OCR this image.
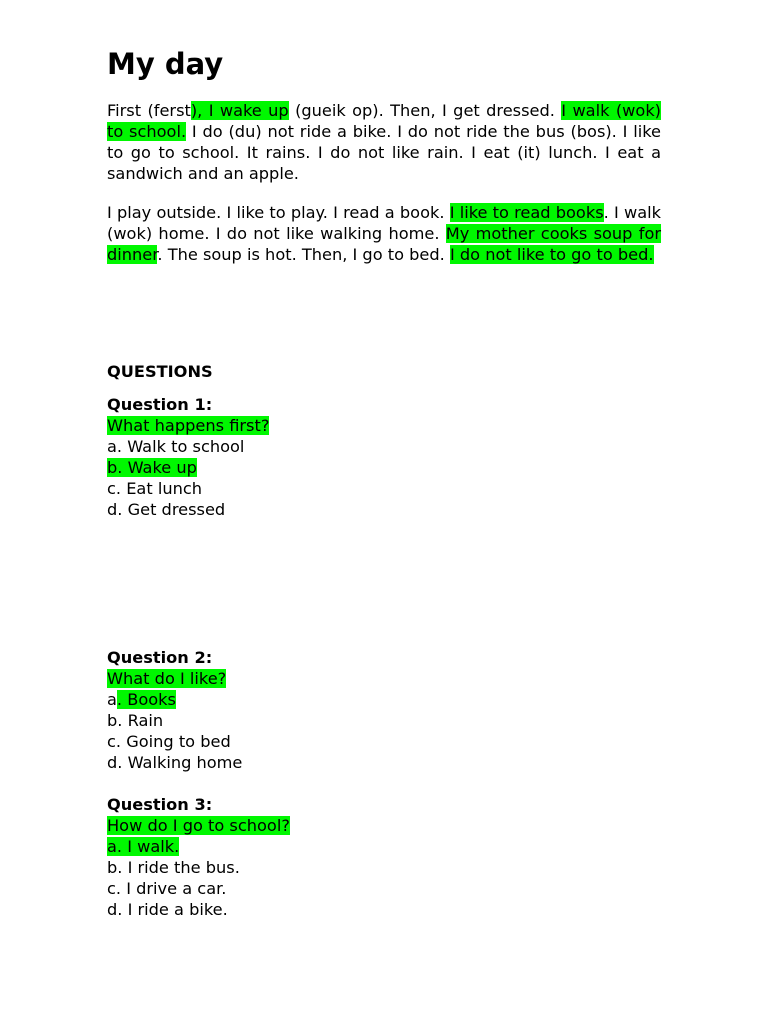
My day

First (ferst), I wake up (gueik op). Then, I get dressed. I walk (wok) to school. I do (du) not ride a bike. I do not ride the bus (bos). I like to go to school. It rains. I do not like rain. I eat (it) lunch. I eat a sandwich and an apple.

I play outside. I like to play. I read a book. I like to read books. I walk (wok) home. I do not like walking home. My mother cooks soup for dinner. The soup is hot. Then, I go to bed. I do not like to go to bed.

QUESTIONS
Question 1:
What happens first?
a. Walk to school
b. Wake up
c. Eat lunch
d. Get dressed
Question 2:
What do I like?
a. Books
b. Rain
c. Going to bed
d. Walking home
Question 3:
How do I go to school?
a. I walk.
b. I ride the bus.
c. I drive a car.
d. I ride a bike.
